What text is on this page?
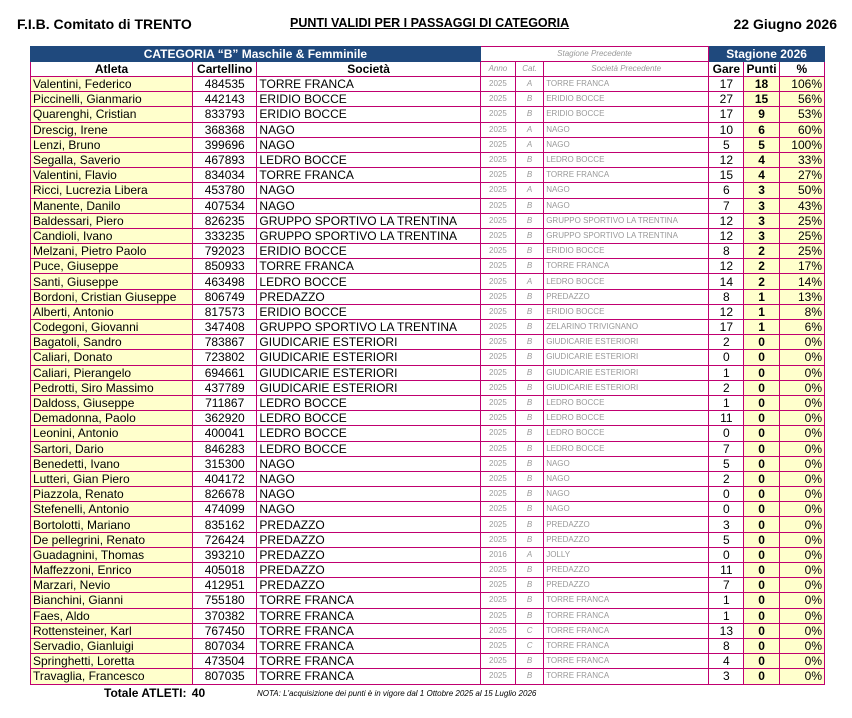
F.I.B. Comitato di TRENTO	PUNTI VALIDI PER I PASSAGGI DI CATEGORIA	22 Giugno 2026
CATEGORIA “B” Maschile & Femminile			Stagione Precedente			Stagione 2026		
Atleta	Cartellino	Società	Anno	Cat.	Società Precedente	Gare	Punti	%
Valentini, Federico	484535	TORRE FRANCA	2025	A	TORRE FRANCA	17	18	106%
Piccinelli, Gianmario	442143	ERIDIO BOCCE	2025	B	ERIDIO BOCCE	27	15	56%
Quarenghi, Cristian	833793	ERIDIO BOCCE	2025	B	ERIDIO BOCCE	17	9	53%
Drescig, Irene	368368	NAGO	2025	A	NAGO	10	6	60%
Lenzi, Bruno	399696	NAGO	2025	A	NAGO	5	5	100%
Segalla, Saverio	467893	LEDRO BOCCE	2025	B	LEDRO BOCCE	12	4	33%
Valentini, Flavio	834034	TORRE FRANCA	2025	B	TORRE FRANCA	15	4	27%
Ricci, Lucrezia Libera	453780	NAGO	2025	A	NAGO	6	3	50%
Manente, Danilo	407534	NAGO	2025	B	NAGO	7	3	43%
Baldessari, Piero	826235	GRUPPO SPORTIVO LA TRENTINA	2025	B	GRUPPO SPORTIVO LA TRENTINA	12	3	25%
Candioli, Ivano	333235	GRUPPO SPORTIVO LA TRENTINA	2025	B	GRUPPO SPORTIVO LA TRENTINA	12	3	25%
Melzani, Pietro Paolo	792023	ERIDIO BOCCE	2025	B	ERIDIO BOCCE	8	2	25%
Puce, Giuseppe	850933	TORRE FRANCA	2025	B	TORRE FRANCA	12	2	17%
Santi, Giuseppe	463498	LEDRO BOCCE	2025	A	LEDRO BOCCE	14	2	14%
Bordoni, Cristian Giuseppe	806749	PREDAZZO	2025	B	PREDAZZO	8	1	13%
Alberti, Antonio	817573	ERIDIO BOCCE	2025	B	ERIDIO BOCCE	12	1	8%
Codegoni, Giovanni	347408	GRUPPO SPORTIVO LA TRENTINA	2025	B	ZELARINO TRIVIGNANO	17	1	6%
Bagatoli, Sandro	783867	GIUDICARIE ESTERIORI	2025	B	GIUDICARIE ESTERIORI	2	0	0%
Caliari, Donato	723802	GIUDICARIE ESTERIORI	2025	B	GIUDICARIE ESTERIORI	0	0	0%
Caliari, Pierangelo	694661	GIUDICARIE ESTERIORI	2025	B	GIUDICARIE ESTERIORI	1	0	0%
Pedrotti, Siro Massimo	437789	GIUDICARIE ESTERIORI	2025	B	GIUDICARIE ESTERIORI	2	0	0%
Daldoss, Giuseppe	711867	LEDRO BOCCE	2025	B	LEDRO BOCCE	1	0	0%
Demadonna, Paolo	362920	LEDRO BOCCE	2025	B	LEDRO BOCCE	11	0	0%
Leonini, Antonio	400041	LEDRO BOCCE	2025	B	LEDRO BOCCE	0	0	0%
Sartori, Dario	846283	LEDRO BOCCE	2025	B	LEDRO BOCCE	7	0	0%
Benedetti, Ivano	315300	NAGO	2025	B	NAGO	5	0	0%
Lutteri, Gian Piero	404172	NAGO	2025	B	NAGO	2	0	0%
Piazzola, Renato	826678	NAGO	2025	B	NAGO	0	0	0%
Stefenelli, Antonio	474099	NAGO	2025	B	NAGO	0	0	0%
Bortolotti, Mariano	835162	PREDAZZO	2025	B	PREDAZZO	3	0	0%
De pellegrini, Renato	726424	PREDAZZO	2025	B	PREDAZZO	5	0	0%
Guadagnini, Thomas	393210	PREDAZZO	2016	A	JOLLY	0	0	0%
Maffezzoni, Enrico	405018	PREDAZZO	2025	B	PREDAZZO	11	0	0%
Marzari, Nevio	412951	PREDAZZO	2025	B	PREDAZZO	7	0	0%
Bianchini, Gianni	755180	TORRE FRANCA	2025	B	TORRE FRANCA	1	0	0%
Faes, Aldo	370382	TORRE FRANCA	2025	B	TORRE FRANCA	1	0	0%
Rottensteiner, Karl	767450	TORRE FRANCA	2025	C	TORRE FRANCA	13	0	0%
Servadio, Gianluigi	807034	TORRE FRANCA	2025	C	TORRE FRANCA	8	0	0%
Springhetti, Loretta	473504	TORRE FRANCA	2025	B	TORRE FRANCA	4	0	0%
Travaglia, Francesco	807035	TORRE FRANCA	2025	B	TORRE FRANCA	3	0	0%
Totale ATLETI: 40	NOTA: L'acquisizione dei punti è in vigore dal 1 Ottobre 2025 al 15 Luglio 2026
